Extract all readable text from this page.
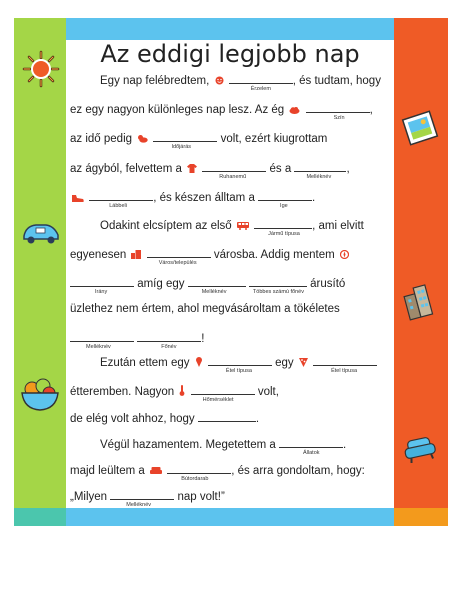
Az eddigi legjobb nap
Egy nap felébredtem,
Érzelem
, és tudtam, hogy
ez egy nagyon különleges nap lesz. Az ég
Szín
,
az idő pedig
Időjárás
volt, ezért kiugrottam
az ágyból, felvettem a
Ruhanemű
és a
Melléknév
,

Lábbeli
, és készen álltam a
Ige
.
Odakint elcsíptem az első
Jármű típusa
, ami elvitt
egyenesen
Város/település
városba. Addig mentem
Irány
amíg egy
Melléknév
	Többes számú főnév
árusító
üzlethez nem értem, ahol megvásároltam a tökéletes
Melléknév
	Főnév
!
Ezután ettem egy
Étel típusa
egy
Étel típusa
étteremben. Nagyon
Hőmérséklet
volt,
de elég volt ahhoz, hogy	.
Végül hazamentem. Megetettem a
Állatok
.
majd leültem a
Bútordarab
, és arra gondoltam, hogy:
„Milyen
Melléknév
nap volt!”
